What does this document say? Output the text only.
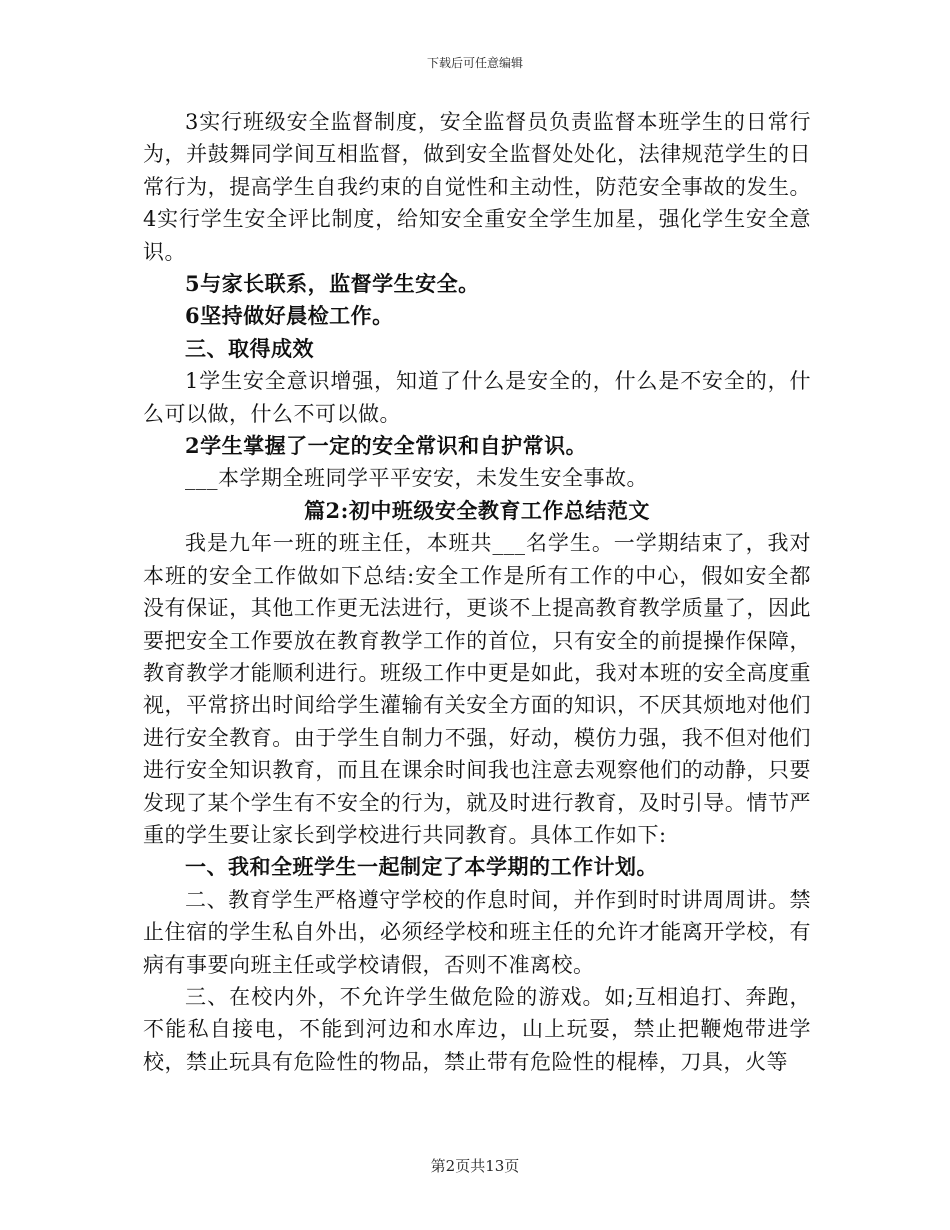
下载后可任意编辑

3实行班级安全监督制度，安全监督员负责监督本班学生的日常行为，并鼓舞同学间互相监督，做到安全监督处处化，法律规范学生的日常行为，提高学生自我约束的自觉性和主动性，防范安全事故的发生。4实行学生安全评比制度，给知安全重安全学生加星，强化学生安全意识。

5与家长联系，监督学生安全。

6坚持做好晨检工作。

三、取得成效

1学生安全意识增强，知道了什么是安全的，什么是不安全的，什么可以做，什么不可以做。

2学生掌握了一定的安全常识和自护常识。

___本学期全班同学平平安安，未发生安全事故。

篇2:初中班级安全教育工作总结范文

我是九年一班的班主任，本班共___名学生。一学期结束了，我对本班的安全工作做如下总结:安全工作是所有工作的中心，假如安全都没有保证，其他工作更无法进行，更谈不上提高教育教学质量了，因此要把安全工作要放在教育教学工作的首位，只有安全的前提操作保障，教育教学才能顺利进行。班级工作中更是如此，我对本班的安全高度重视，平常挤出时间给学生灌输有关安全方面的知识，不厌其烦地对他们进行安全教育。由于学生自制力不强，好动，模仿力强，我不但对他们进行安全知识教育，而且在课余时间我也注意去观察他们的动静，只要发现了某个学生有不安全的行为，就及时进行教育，及时引导。情节严重的学生要让家长到学校进行共同教育。具体工作如下:

一、我和全班学生一起制定了本学期的工作计划。

二、教育学生严格遵守学校的作息时间，并作到时时讲周周讲。禁止住宿的学生私自外出，必须经学校和班主任的允许才能离开学校，有病有事要向班主任或学校请假，否则不准离校。

三、在校内外，不允许学生做危险的游戏。如;互相追打、奔跑，不能私自接电，不能到河边和水库边，山上玩耍，禁止把鞭炮带进学校，禁止玩具有危险性的物品，禁止带有危险性的棍棒，刀具，火等

第2页共13页
